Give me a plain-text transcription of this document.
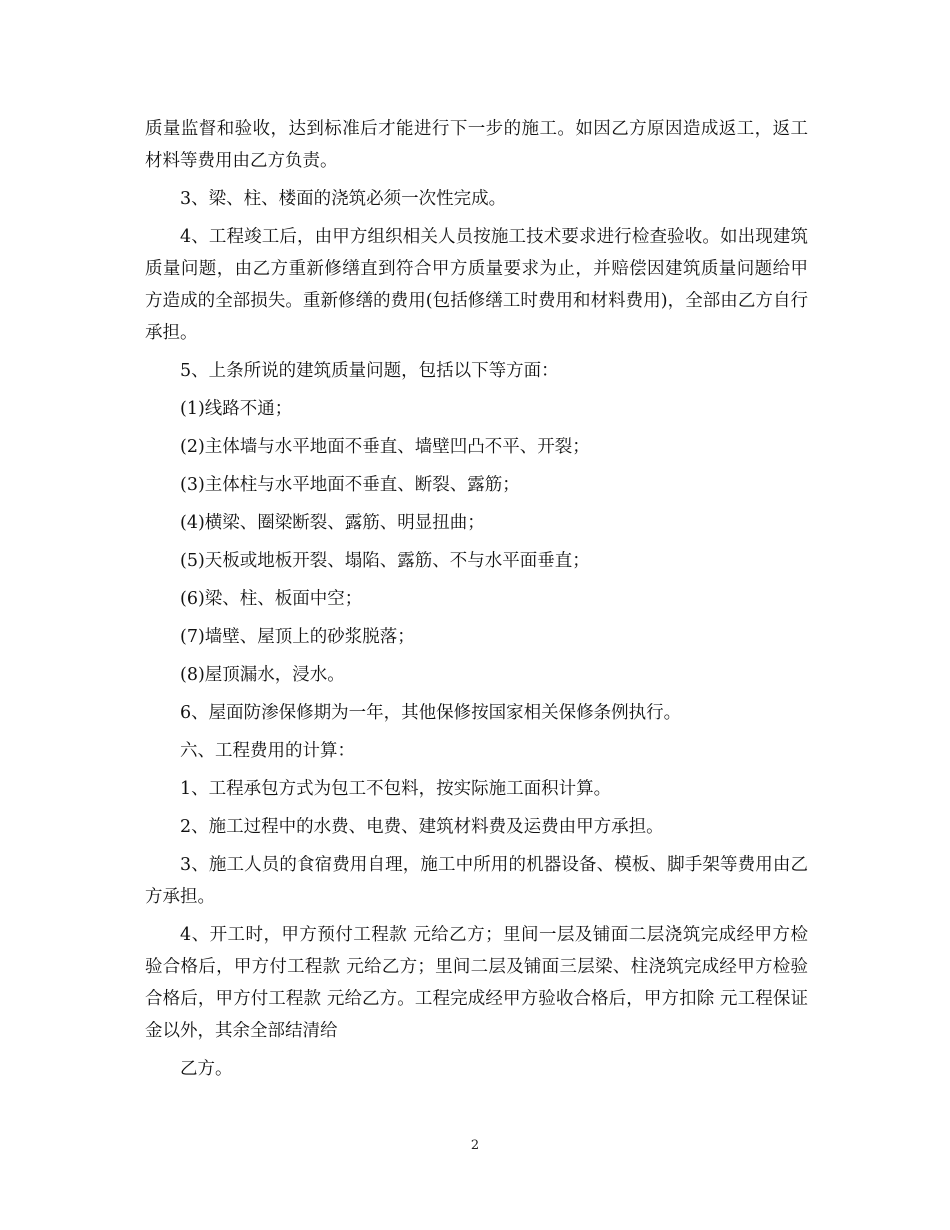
质量监督和验收，达到标准后才能进行下一步的施工。如因乙方原因造成返工，返工材料等费用由乙方负责。

3、梁、柱、楼面的浇筑必须一次性完成。

4、工程竣工后，由甲方组织相关人员按施工技术要求进行检查验收。如出现建筑质量问题，由乙方重新修缮直到符合甲方质量要求为止，并赔偿因建筑质量问题给甲方造成的全部损失。重新修缮的费用(包括修缮工时费用和材料费用)，全部由乙方自行承担。

5、上条所说的建筑质量问题，包括以下等方面：

(1)线路不通；

(2)主体墙与水平地面不垂直、墙壁凹凸不平、开裂；

(3)主体柱与水平地面不垂直、断裂、露筋；

(4)横梁、圈梁断裂、露筋、明显扭曲；

(5)天板或地板开裂、塌陷、露筋、不与水平面垂直；

(6)梁、柱、板面中空；

(7)墙壁、屋顶上的砂浆脱落；

(8)屋顶漏水，浸水。

6、屋面防渗保修期为一年，其他保修按国家相关保修条例执行。

六、工程费用的计算：

1、工程承包方式为包工不包料，按实际施工面积计算。

2、施工过程中的水费、电费、建筑材料费及运费由甲方承担。

3、施工人员的食宿费用自理，施工中所用的机器设备、模板、脚手架等费用由乙方承担。

4、开工时，甲方预付工程款 元给乙方；里间一层及铺面二层浇筑完成经甲方检验合格后，甲方付工程款 元给乙方；里间二层及铺面三层梁、柱浇筑完成经甲方检验合格后，甲方付工程款 元给乙方。工程完成经甲方验收合格后，甲方扣除 元工程保证金以外，其余全部结清给

乙方。

2
